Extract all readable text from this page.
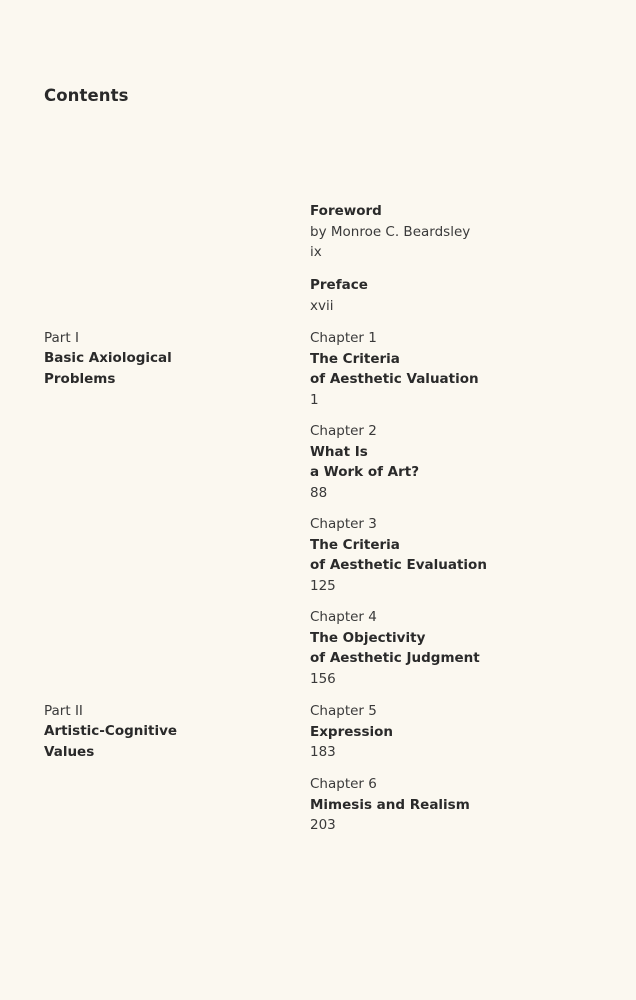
Contents
Part I
Basic Axiological
Problems
Part II
Artistic-Cognitive
Values
Foreword
by Monroe C. Beardsley
ix
Preface
xvii
Chapter 1
The Criteria
of Aesthetic Valuation
1
Chapter 2
What Is
a Work of Art?
88
Chapter 3
The Criteria
of Aesthetic Evaluation
125
Chapter 4
The Objectivity
of Aesthetic Judgment
156
Chapter 5
Expression
183
Chapter 6
Mimesis and Realism
203
